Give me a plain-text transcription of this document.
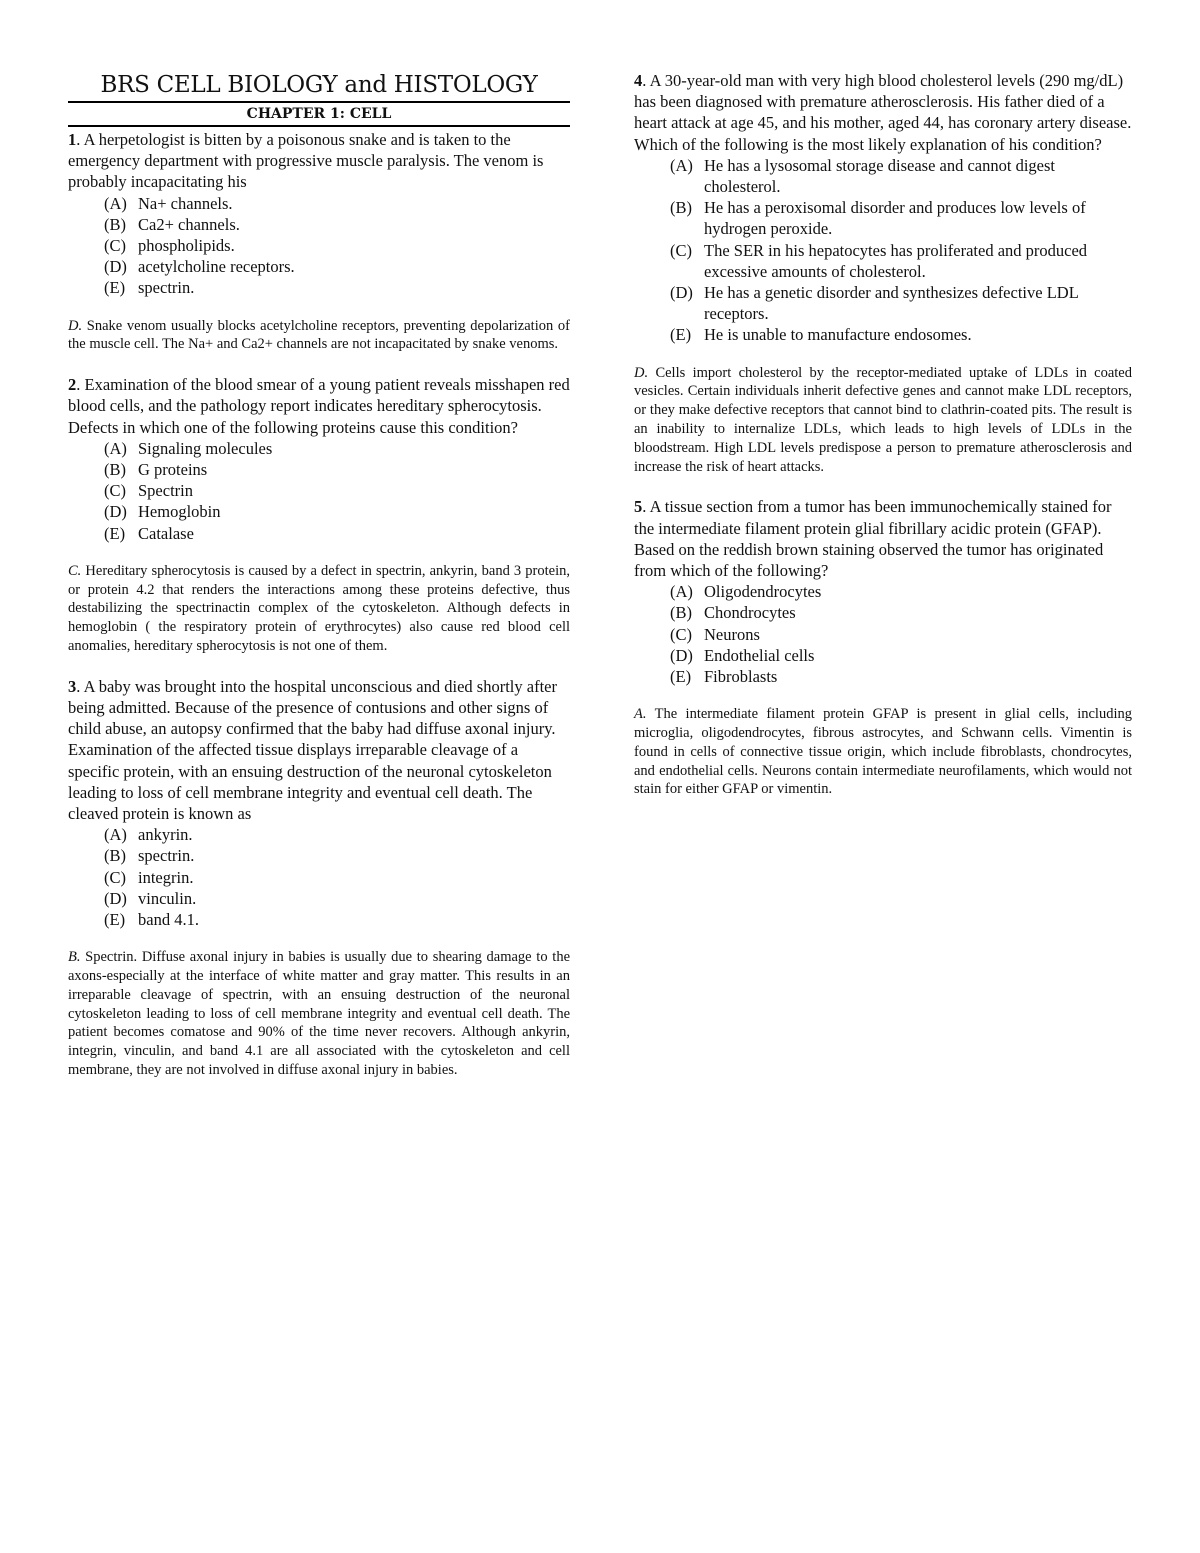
BRS CELL BIOLOGY and HISTOLOGY
CHAPTER 1: CELL

1. A herpetologist is bitten by a poisonous snake and is taken to the emergency department with progressive muscle paralysis. The venom is probably incapacitating his

(A) Na+ channels.
(B) Ca2+ channels.
(C) phospholipids.
(D) acetylcholine receptors.
(E) spectrin.

D. Snake venom usually blocks acetylcholine receptors, preventing depolarization of the muscle cell. The Na+ and Ca2+ channels are not incapacitated by snake venoms.

2. Examination of the blood smear of a young patient reveals misshapen red blood cells, and the pathology report indicates hereditary spherocytosis. Defects in which one of the following proteins cause this condition?

(A) Signaling molecules
(B) G proteins
(C) Spectrin
(D) Hemoglobin
(E) Catalase

C. Hereditary spherocytosis is caused by a defect in spectrin, ankyrin, band 3 protein, or protein 4.2 that renders the interactions among these proteins defective, thus destabilizing the spectrinactin complex of the cytoskeleton. Although defects in hemoglobin ( the respiratory protein of erythrocytes) also cause red blood cell anomalies, hereditary spherocytosis is not one of them.

3. A baby was brought into the hospital unconscious and died shortly after being admitted. Because of the presence of contusions and other signs of child abuse, an autopsy confirmed that the baby had diffuse axonal injury. Examination of the affected tissue displays irreparable cleavage of a specific protein, with an ensuing destruction of the neuronal cytoskeleton leading to loss of cell membrane integrity and eventual cell death. The cleaved protein is known as

(A) ankyrin.
(B) spectrin.
(C) integrin.
(D) vinculin.
(E) band 4.1.

B. Spectrin. Diffuse axonal injury in babies is usually due to shearing damage to the axons-especially at the interface of white matter and gray matter. This results in an irreparable cleavage of spectrin, with an ensuing destruction of the neuronal cytoskeleton leading to loss of cell membrane integrity and eventual cell death. The patient becomes comatose and 90% of the time never recovers. Although ankyrin, integrin, vinculin, and band 4.1 are all associated with the cytoskeleton and cell membrane, they are not involved in diffuse axonal injury in babies.

4. A 30-year-old man with very high blood cholesterol levels (290 mg/dL) has been diagnosed with premature atherosclerosis. His father died of a heart attack at age 45, and his mother, aged 44, has coronary artery disease. Which of the following is the most likely explanation of his condition?

(A) He has a lysosomal storage disease and cannot digest cholesterol.
(B) He has a peroxisomal disorder and produces low levels of hydrogen peroxide.
(C) The SER in his hepatocytes has proliferated and produced excessive amounts of cholesterol.
(D) He has a genetic disorder and synthesizes defective LDL receptors.
(E) He is unable to manufacture endosomes.

D. Cells import cholesterol by the receptor-mediated uptake of LDLs in coated vesicles. Certain individuals inherit defective genes and cannot make LDL receptors, or they make defective receptors that cannot bind to clathrin-coated pits. The result is an inability to internalize LDLs, which leads to high levels of LDLs in the bloodstream. High LDL levels predispose a person to premature atherosclerosis and increase the risk of heart attacks.

5. A tissue section from a tumor has been immunochemically stained for the intermediate filament protein glial fibrillary acidic protein (GFAP). Based on the reddish brown staining observed the tumor has originated from which of the following?

(A) Oligodendrocytes
(B) Chondrocytes
(C) Neurons
(D) Endothelial cells
(E) Fibroblasts

A. The intermediate filament protein GFAP is present in glial cells, including microglia, oligodendrocytes, fibrous astrocytes, and Schwann cells. Vimentin is found in cells of connective tissue origin, which include fibroblasts, chondrocytes, and endothelial cells. Neurons contain intermediate neurofilaments, which would not stain for either GFAP or vimentin.
